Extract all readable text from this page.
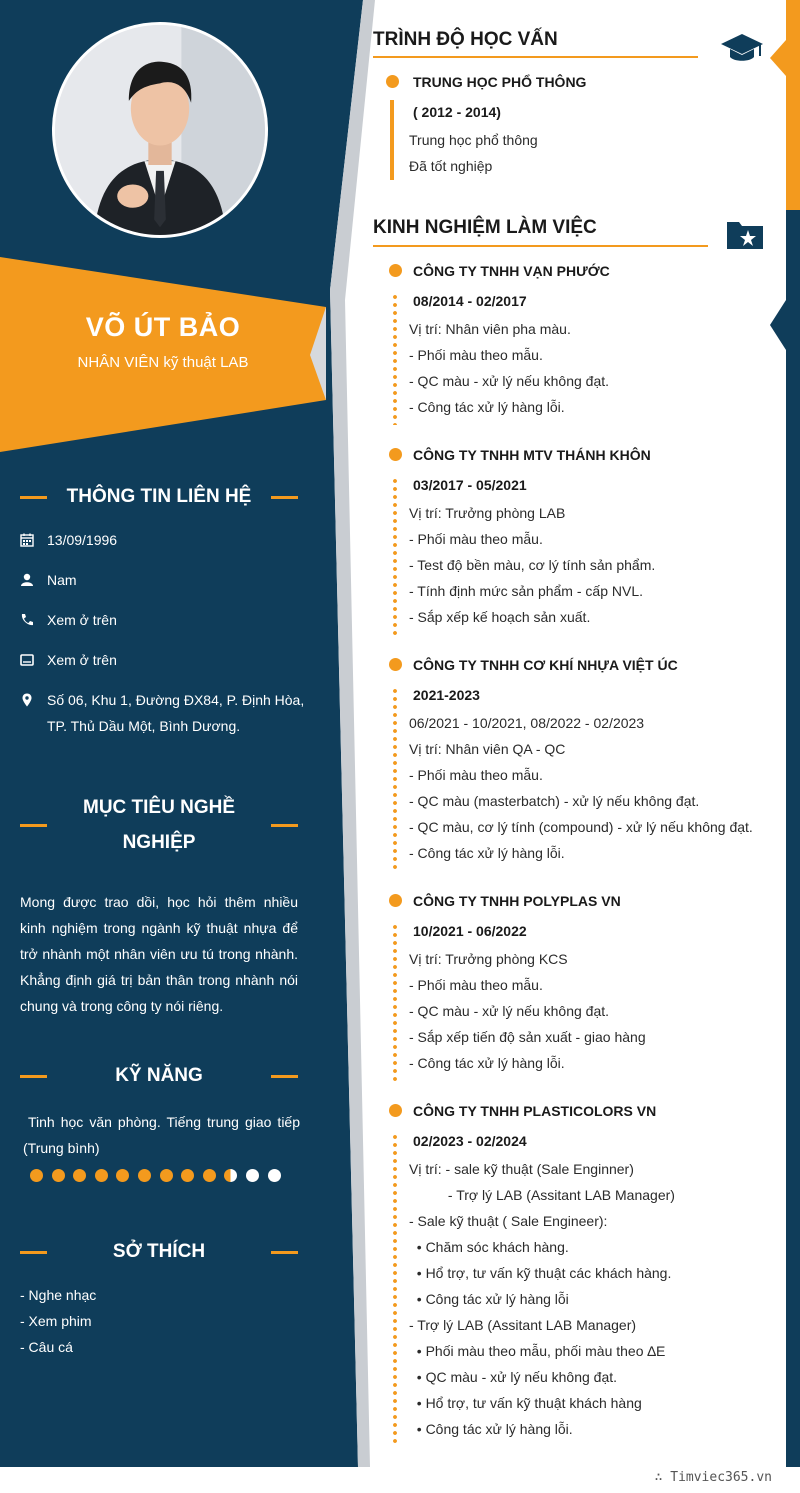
VÕ ÚT BẢO
NHÂN VIÊN kỹ thuật LAB
THÔNG TIN LIÊN HỆ
13/09/1996
Nam
Xem ở trên
Xem ở trên
Số 06, Khu 1, Đường ĐX84, P. Định Hòa, TP. Thủ Dầu Một, Bình Dương.
MỤC TIÊU NGHỀ
NGHIỆP
Mong được trao dồi, học hỏi thêm nhiều kinh nghiệm trong ngành kỹ thuật nhựa để trở nhành một nhân viên ưu tú trong nhành. Khẳng định giá trị bản thân trong nhành nói chung và trong công ty nói riêng.
KỸ NĂNG
Tinh học văn phòng. Tiếng trung giao tiếp (Trung bình)
SỞ THÍCH
- Nghe nhạc
- Xem phim
- Câu cá
TRÌNH ĐỘ HỌC VẤN
TRUNG HỌC PHỔ THÔNG
( 2012 - 2014)
Trung học phổ thông
Đã tốt nghiệp
KINH NGHIỆM LÀM VIỆC
CÔNG TY TNHH VẠN PHƯỚC
08/2014 - 02/2017
Vị trí: Nhân viên pha màu.
- Phối màu theo mẫu.
- QC màu - xử lý nếu không đạt.
- Công tác xử lý hàng lỗi.
CÔNG TY TNHH MTV THÁNH KHÔN
03/2017 - 05/2021
Vị trí: Trưởng phòng LAB
- Phối màu theo mẫu.
- Test độ bền màu, cơ lý tính sản phẩm.
- Tính định mức sản phẩm - cấp NVL.
- Sắp xếp kế hoạch sản xuất.
CÔNG TY TNHH CƠ KHÍ NHỰA VIỆT ÚC
2021-2023
06/2021 - 10/2021, 08/2022 - 02/2023
Vị trí: Nhân viên QA - QC
- Phối màu theo mẫu.
- QC màu (masterbatch) - xử lý nếu không đạt.
- QC màu, cơ lý tính (compound) - xử lý nếu không đạt.
- Công tác xử lý hàng lỗi.
CÔNG TY TNHH POLYPLAS VN
10/2021 - 06/2022
Vị trí: Trưởng phòng KCS
- Phối màu theo mẫu.
- QC màu - xử lý nếu không đạt.
- Sắp xếp tiến độ sản xuất - giao hàng
- Công tác xử lý hàng lỗi.
CÔNG TY TNHH PLASTICOLORS VN
02/2023 - 02/2024
Vị trí: - sale kỹ thuật (Sale Enginner)
- Trợ lý LAB (Assitant LAB Manager)
- Sale kỹ thuật ( Sale Engineer):
• Chăm sóc khách hàng.
• Hổ trợ, tư vấn kỹ thuật các khách hàng.
• Công tác xử lý hàng lỗi
- Trợ lý LAB (Assitant LAB Manager)
• Phối màu theo mẫu, phối màu theo ∆E
• QC màu - xử lý nếu không đạt.
• Hổ trợ, tư vấn kỹ thuật khách hàng
• Công tác xử lý hàng lỗi.
∴ Timviec365.vn
